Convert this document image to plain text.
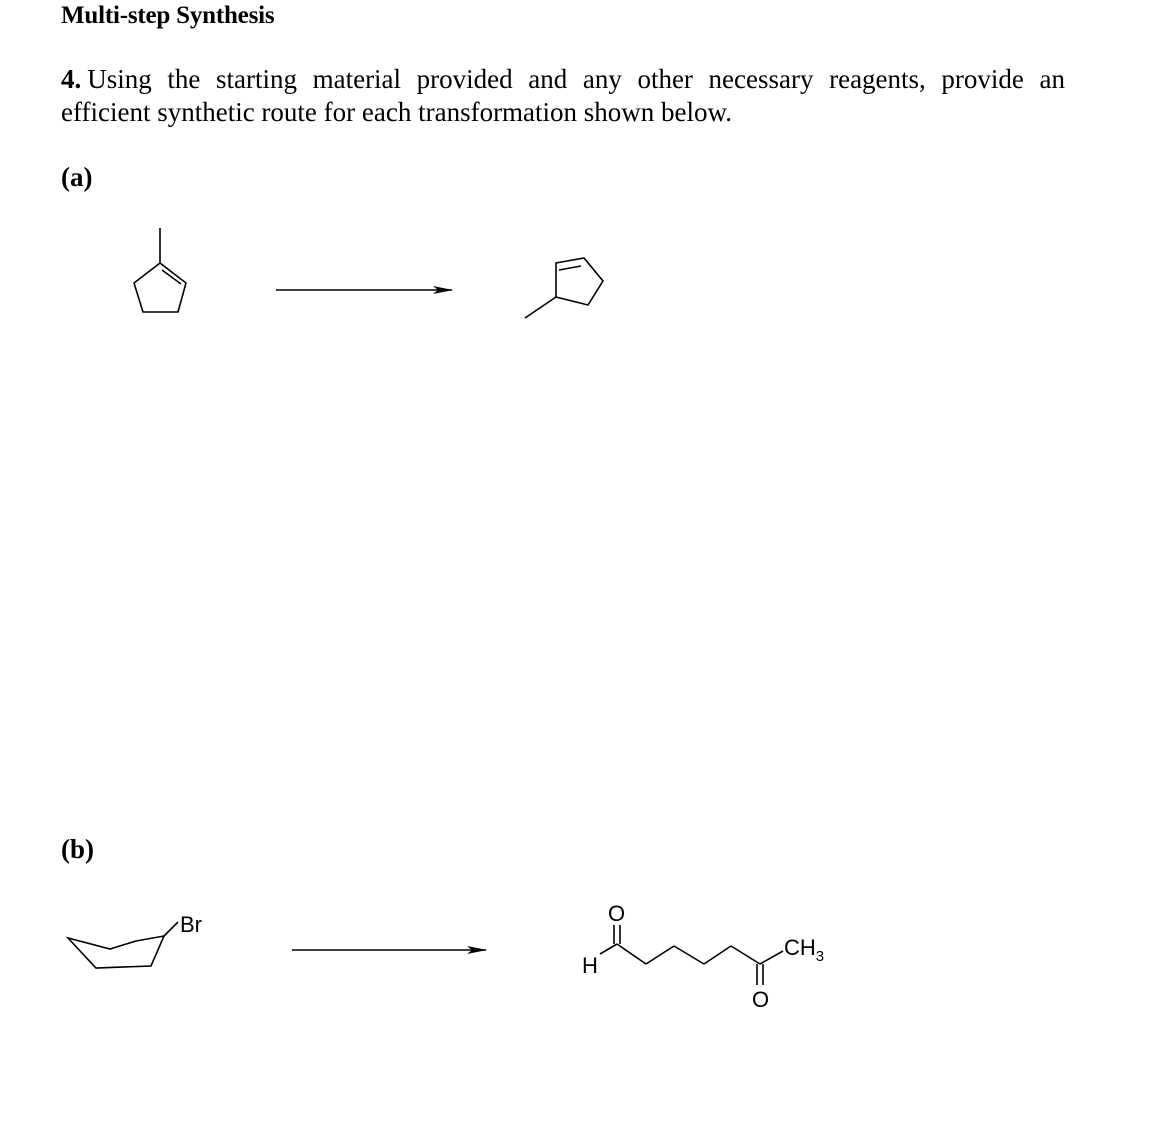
Multi-step Synthesis
4. Using the starting material provided and any other necessary reagents, provide an
efficient synthetic route for each transformation shown below.
(a)
(b)
Br	O
H
O
$CH_3$
